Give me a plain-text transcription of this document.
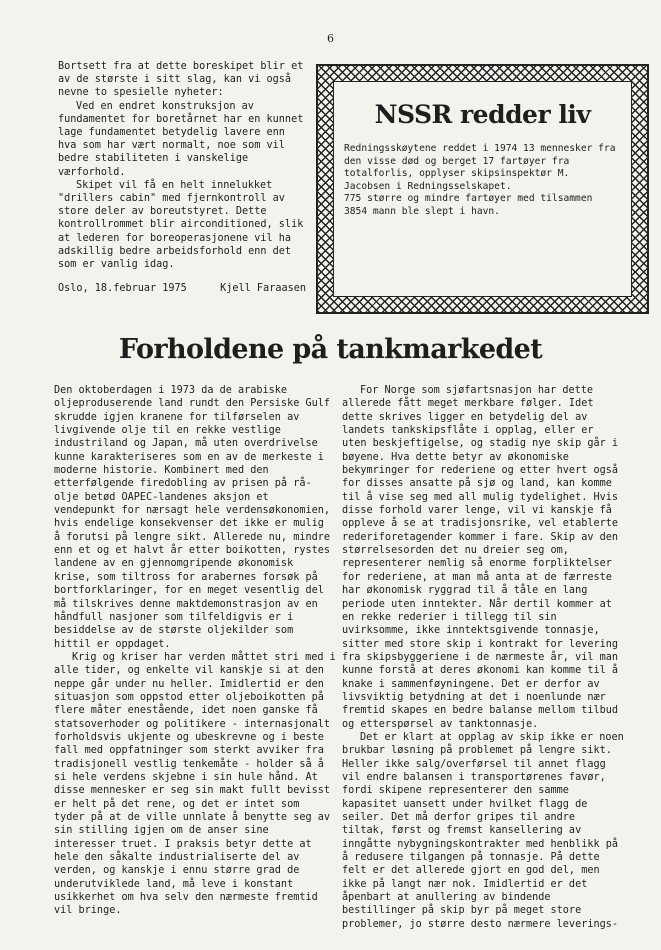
6

Bortsett fra at dette boreskipet blir et av de største i sitt slag, kan vi også nevne to spesielle nyheter:

Ved en endret konstruksjon av fundamentet for boretårnet har en kunnet lage fundamentet betydelig lavere enn hva som har vært normalt, noe som vil bedre stabiliteten i vanskelige værforhold.

Skipet vil få en helt innelukket "drillers cabin" med fjernkontroll av store deler av boreutstyret. Dette kontrollrommet blir airconditioned, slik at lederen for boreoperasjonene vil ha adskillig bedre arbeidsforhold enn det som er vanlig idag.

Oslo, 18.februar 1975	Kjell Faraasen

NSSR redder liv

Redningsskøytene reddet i 1974 13 mennesker fra den visse død og berget 17 fartøyer fra totalforlis, opplyser skipsinspektør M. Jacobsen i Redningsselskapet.

775 større og mindre fartøyer med tilsammen 3854 mann ble slept i havn.

Forholdene på tankmarkedet

Den oktoberdagen i 1973 da de arabiske oljeproduserende land rundt den Persiske Gulf skrudde igjen kranene for tilførselen av livgivende olje til en rekke vestlige industriland og Japan, må uten overdrivelse kunne karakteriseres som en av de merkeste i moderne historie. Kombinert med den etterfølgende firedobling av prisen på rå-olje betød OAPEC-landenes aksjon et vendepunkt for nærsagt hele verdensøkonomien, hvis endelige konsekvenser det ikke er mulig å forutsi på lengre sikt. Allerede nu, mindre enn et og et halvt år etter boikotten, rystes landene av en gjennomgripende økonomisk krise, som tiltross for arabernes forsøk på bortforklaringer, for en meget vesentlig del må tilskrives denne maktdemonstrasjon av en håndfull nasjoner som tilfeldigvis er i besiddelse av de største oljekilder som hittil er oppdaget.

Krig og kriser har verden måttet stri med i alle tider, og enkelte vil kanskje si at den neppe går under nu heller. Imidlertid er den situasjon som oppstod etter oljeboikotten på flere måter enestående, idet noen ganske få statsoverhoder og politikere - internasjonalt forholdsvis ukjente og ubeskrevne og i beste fall med oppfatninger som sterkt avviker fra tradisjonell vestlig tenkemåte - holder så å si hele verdens skjebne i sin hule hånd. At disse mennesker er seg sin makt fullt bevisst er helt på det rene, og det er intet som tyder på at de ville unnlate å benytte seg av sin stilling igjen om de anser sine interesser truet. I praksis betyr dette at hele den såkalte industrialiserte del av verden, og kanskje i ennu større grad de underutviklede land, må leve i konstant usikkerhet om hva selv den nærmeste fremtid vil bringe.

For Norge som sjøfartsnasjon har dette allerede fått meget merkbare følger. Idet dette skrives ligger en betydelig del av landets tankskipsflåte i opplag, eller er uten beskjeftigelse, og stadig nye skip går i bøyene. Hva dette betyr av økonomiske bekymringer for rederiene og etter hvert også for disses ansatte på sjø og land, kan komme til å vise seg med all mulig tydelighet. Hvis disse forhold varer lenge, vil vi kanskje få oppleve å se at tradisjonsrike, vel etablerte rederiforetagender kommer i fare. Skip av den størrelsesorden det nu dreier seg om, representerer nemlig så enorme forpliktelser for rederiene, at man må anta at de færreste har økonomisk ryggrad til å tåle en lang periode uten inntekter. Når dertil kommer at en rekke rederier i tillegg til sin uvirksomme, ikke inntektsgivende tonnasje, sitter med store skip i kontrakt for levering fra skipsbyggeriene i de nærmeste år, vil man kunne forstå at deres økonomi kan komme til å knake i sammenføyningene. Det er derfor av livsviktig betydning at det i noenlunde nær fremtid skapes en bedre balanse mellom tilbud og etterspørsel av tanktonnasje.

Det er klart at opplag av skip ikke er noen brukbar løsning på problemet på lengre sikt. Heller ikke salg/overførsel til annet flagg vil endre balansen i transportørenes favør, fordi skipene representerer den samme kapasitet uansett under hvilket flagg de seiler. Det må derfor gripes til andre tiltak, først og fremst kansellering av inngåtte nybygningskontrakter med henblikk på å redusere tilgangen på tonnasje. På dette felt er det allerede gjort en god del, men ikke på langt nær nok. Imidlertid er det åpenbart at anullering av bindende bestillinger på skip byr på meget store problemer, jo større desto nærmere leverings-
